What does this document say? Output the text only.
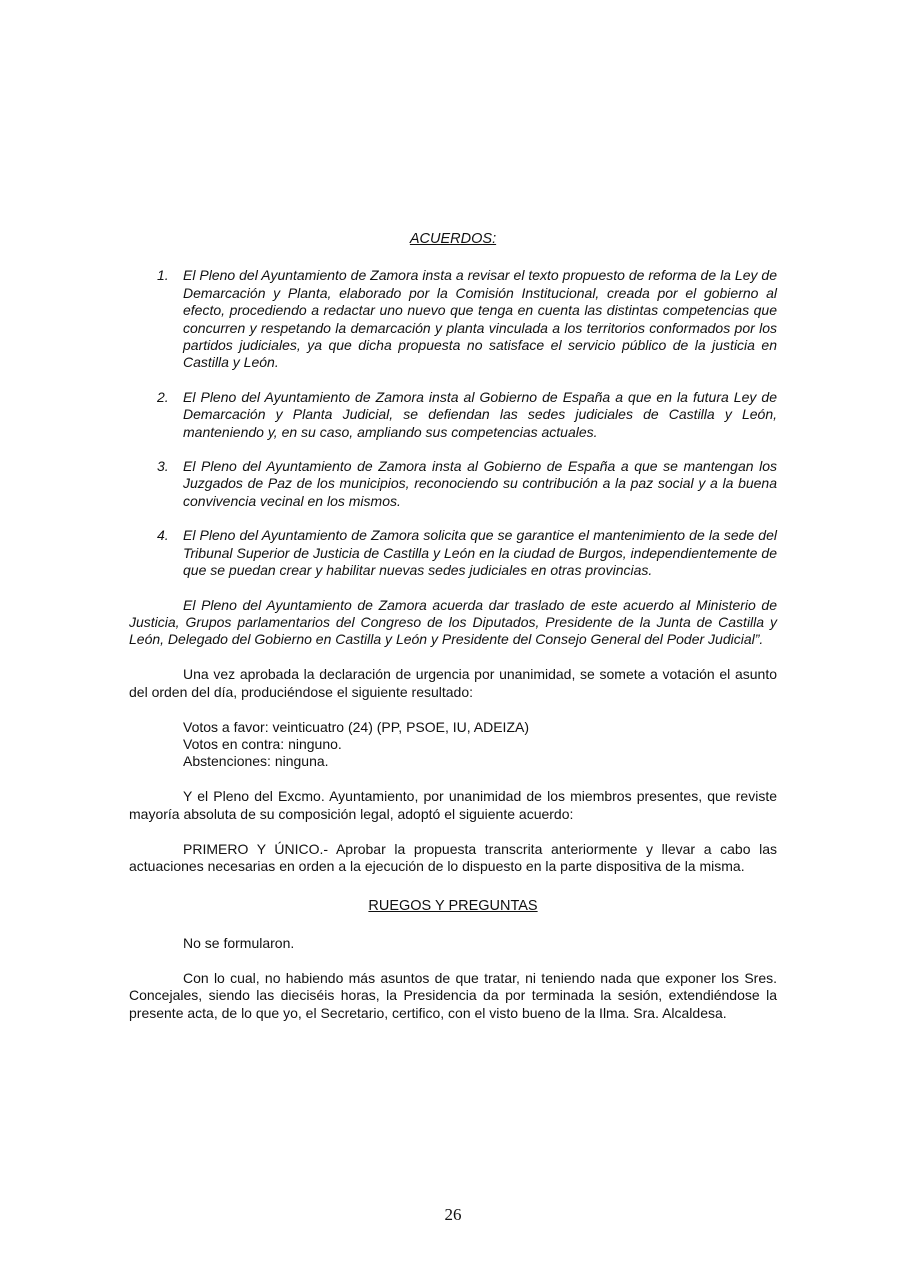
ACUERDOS:

1.	El Pleno del Ayuntamiento de Zamora insta a revisar el texto propuesto de reforma de la Ley de Demarcación y Planta, elaborado por la Comisión Institucional, creada por el gobierno al efecto, procediendo a redactar uno nuevo que tenga en cuenta las distintas competencias que concurren y respetando la demarcación y planta vinculada a los territorios conformados por los partidos judiciales, ya que dicha propuesta no satisface el servicio público de la justicia en Castilla y León.
2.	El Pleno del Ayuntamiento de Zamora insta al Gobierno de España a que en la futura Ley de Demarcación y Planta Judicial, se defiendan las sedes judiciales de Castilla y León, manteniendo y, en su caso, ampliando sus competencias actuales.
3.	El Pleno del Ayuntamiento de Zamora insta al Gobierno de España a que se mantengan los Juzgados de Paz de los municipios, reconociendo su contribución a la paz social y a la buena convivencia vecinal en los mismos.
4.	El Pleno del Ayuntamiento de Zamora solicita que se garantice el mantenimiento de la sede del Tribunal Superior de Justicia de Castilla y León en la ciudad de Burgos, independientemente de que se puedan crear y habilitar nuevas sedes judiciales en otras provincias.

El Pleno del Ayuntamiento de Zamora acuerda dar traslado de este acuerdo al Ministerio de Justicia, Grupos parlamentarios del Congreso de los Diputados, Presidente de la Junta de Castilla y León, Delegado del Gobierno en Castilla y León y Presidente del Consejo General del Poder Judicial”.

Una vez aprobada la declaración de urgencia por unanimidad, se somete a votación el asunto del orden del día, produciéndose el siguiente resultado:

Votos a favor: veinticuatro (24) (PP, PSOE, IU, ADEIZA)
Votos en contra: ninguno.
Abstenciones: ninguna.

Y el Pleno del Excmo. Ayuntamiento, por unanimidad de los miembros presentes, que reviste mayoría absoluta de su composición legal, adoptó el siguiente acuerdo:

PRIMERO Y ÚNICO.- Aprobar la propuesta transcrita anteriormente y llevar a cabo las actuaciones necesarias en orden a la ejecución de lo dispuesto en la parte dispositiva de la misma.

RUEGOS Y PREGUNTAS

No se formularon.

Con lo cual, no habiendo más asuntos de que tratar, ni teniendo nada que exponer los Sres. Concejales, siendo las dieciséis horas, la Presidencia da por terminada la sesión, extendiéndose la presente acta, de lo que yo, el Secretario, certifico, con el visto bueno de la Ilma. Sra. Alcaldesa.

26
